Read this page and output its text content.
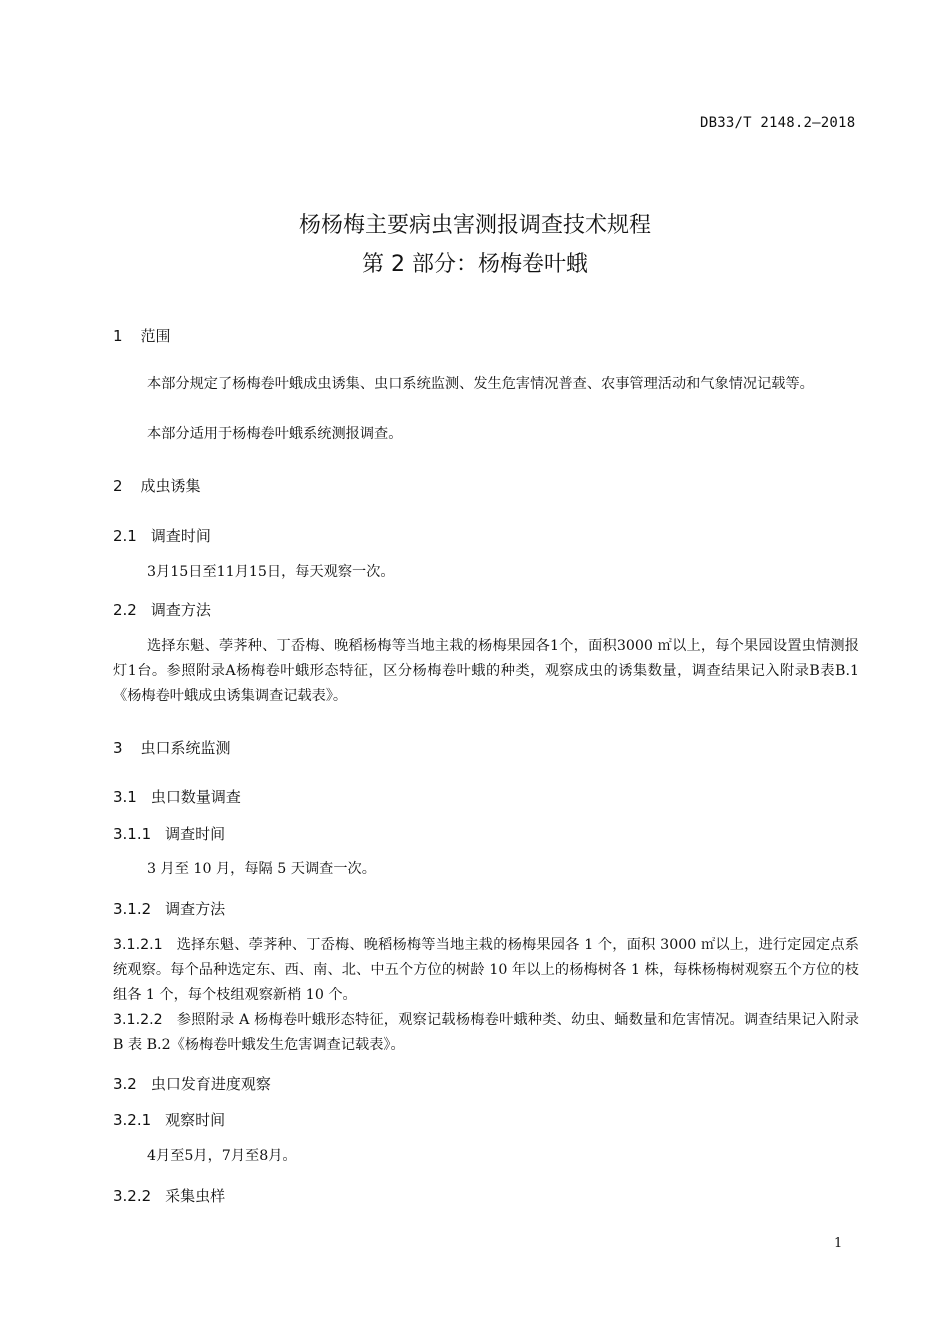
DB33/T 2148.2—2018
杨杨梅主要病虫害测报调查技术规程
第 2 部分：杨梅卷叶蛾
1 范围
本部分规定了杨梅卷叶蛾成虫诱集、虫口系统监测、发生危害情况普查、农事管理活动和气象情况记载等。
本部分适用于杨梅卷叶蛾系统测报调查。
2 成虫诱集
2.1 调查时间
3月15日至11月15日，每天观察一次。
2.2 调查方法
选择东魁、荸荠种、丁岙梅、晚稻杨梅等当地主栽的杨梅果园各1个，面积3000 ㎡以上，每个果园设置虫情测报灯1台。参照附录A杨梅卷叶蛾形态特征，区分杨梅卷叶蛾的种类，观察成虫的诱集数量，调查结果记入附录B表B.1《杨梅卷叶蛾成虫诱集调查记载表》。
3 虫口系统监测
3.1 虫口数量调查
3.1.1 调查时间
3 月至 10 月，每隔 5 天调查一次。
3.1.2 调查方法
3.1.2.1 选择东魁、荸荠种、丁岙梅、晚稻杨梅等当地主栽的杨梅果园各 1 个，面积 3000 ㎡以上，进行定园定点系统观察。每个品种选定东、西、南、北、中五个方位的树龄 10 年以上的杨梅树各 1 株，每株杨梅树观察五个方位的枝组各 1 个，每个枝组观察新梢 10 个。
3.1.2.2 参照附录 A 杨梅卷叶蛾形态特征，观察记载杨梅卷叶蛾种类、幼虫、蛹数量和危害情况。调查结果记入附录 B 表 B.2《杨梅卷叶蛾发生危害调查记载表》。
3.2 虫口发育进度观察
3.2.1 观察时间
4月至5月，7月至8月。
3.2.2 采集虫样
1
